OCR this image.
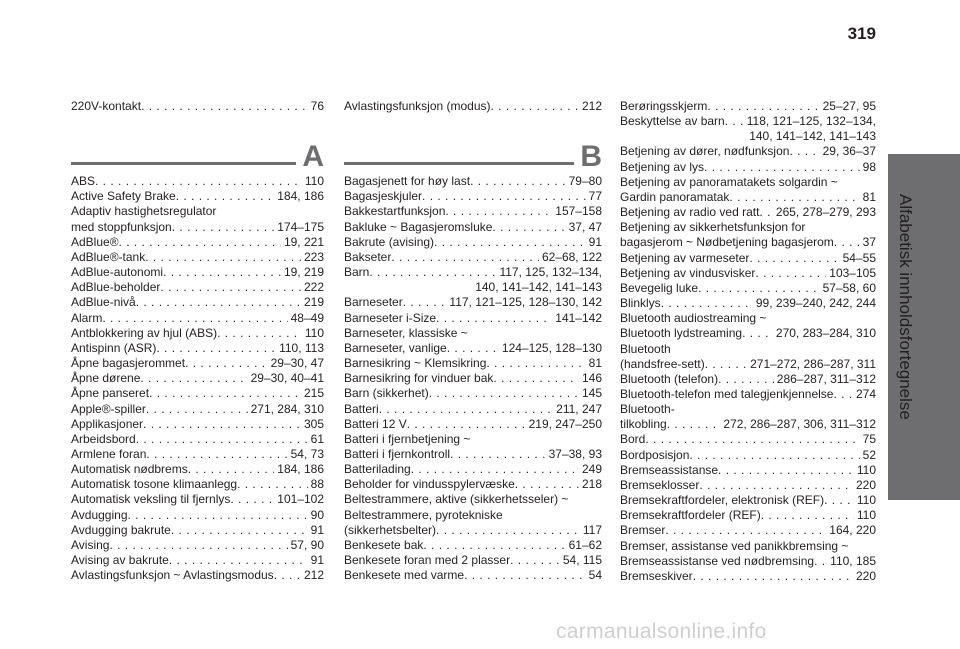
319
Alfabetisk innholdsfortegnelse
220V-kontakt . . .	76
A
ABS . . .	110
Active Safety Brake . . .	184, 186
Adaptiv hastighetsregulator
med stoppfunksjon . . .	174–175
AdBlue® . . .	19, 221
AdBlue®-tank . . .	223
AdBlue-autonomi . . .	19, 219
AdBlue-beholder . . .	222
AdBlue-nivå . . .	219
Alarm . . .	48–49
Antblokkering av hjul (ABS) . . .	110
Antispinn (ASR) . . .	110, 113
Åpne bagasjerommet . . .	29–30, 47
Åpne dørene . . .	29–30, 40–41
Åpne panseret . . .	215
Apple®-spiller . . .	271, 284, 310
Applikasjoner . . .	305
Arbeidsbord . . .	61
Armlene foran . . .	54, 73
Automatisk nødbrems . . .	184, 186
Automatisk tosone klimaanlegg . . .	88
Automatisk veksling til fjernlys . . .	101–102
Avdugging . . .	90
Avdugging bakrute . . .	91
Avising . . .	57, 90
Avising av bakrute . . .	91
Avlastingsfunksjon ~ Avlastingsmodus . . .	212
Avlastingsfunksjon (modus) . . .	212
B
Bagasjenett for høy last . . .	79–80
Bagasjeskjuler . . .	77
Bakkestartfunksjon . . .	157–158
Bakluke ~ Bagasjeromsluke . . .	37, 47
Bakrute (avising) . . .	91
Bakseter . . .	62–68, 122
Barn . . .	117, 125, 132–134,
140, 141–142, 141–143
Barneseter . . .	117, 121–125, 128–130, 142
Barneseter i-Size . . .	141–142
Barneseter, klassiske ~
Barneseter, vanlige . . .	124–125, 128–130
Barnesikring ~ Klemsikring . . .	81
Barnesikring for vinduer bak . . .	146
Barn (sikkerhet) . . .	145
Batteri . . .	211, 247
Batteri 12 V . . .	219, 247–250
Batteri i fjernbetjening ~
Batteri i fjernkontroll . . .	37–38, 93
Batterilading . . .	249
Beholder for vindusspylervæske . . .	218
Beltestrammere, aktive (sikkerhetsseler) ~
Beltestrammere, pyrotekniske
(sikkerhetsbelter) . . .	117
Benkesete bak . . .	61–62
Benkesete foran med 2 plasser . . .	54, 115
Benkesete med varme . . .	54
Berøringsskjerm . . .	25–27, 95
Beskyttelse av barn . . . 118, 121–125, 132–134,
140, 141–142, 141–143
Betjening av dører, nødfunksjon . . .	29, 36–37
Betjening av lys . . .	98
Betjening av panoramatakets solgardin ~
Gardin panoramatak . . .	81
Betjening av radio ved ratt . . . 265, 278–279, 293
Betjening av sikkerhetsfunksjon for
bagasjerom ~ Nødbetjening bagasjerom . . . 37
Betjening av varmeseter . . .	54–55
Betjening av vindusvisker . . .	103–105
Bevegelig luke . . .	57–58, 60
Blinklys . . .	99, 239–240, 242, 244
Bluetooth audiostreaming ~
Bluetooth lydstreaming . . .	270, 283–284, 310
Bluetooth
(handsfree-sett) . . .	271–272, 286–287, 311
Bluetooth (telefon) . . .	286–287, 311–312
Bluetooth-telefon med talegjenkjennelse . . . 274
Bluetooth-
tilkobling . . .	272, 286–287, 306, 311–312
Bord . . .	75
Bordposisjon . . .	52
Bremseassistanse . . .	110
Bremseklosser . . .	220
Bremsekraftfordeler, elektronisk (REF) . . .	110
Bremsekraftfordeler (REF) . . .	110
Bremser . . .	164, 220
Bremser, assistanse ved panikkbremsing ~
Bremseassistanse ved nødbremsing . . . 110, 185
Bremseskiver . . .	220
carmanualsonline.info
